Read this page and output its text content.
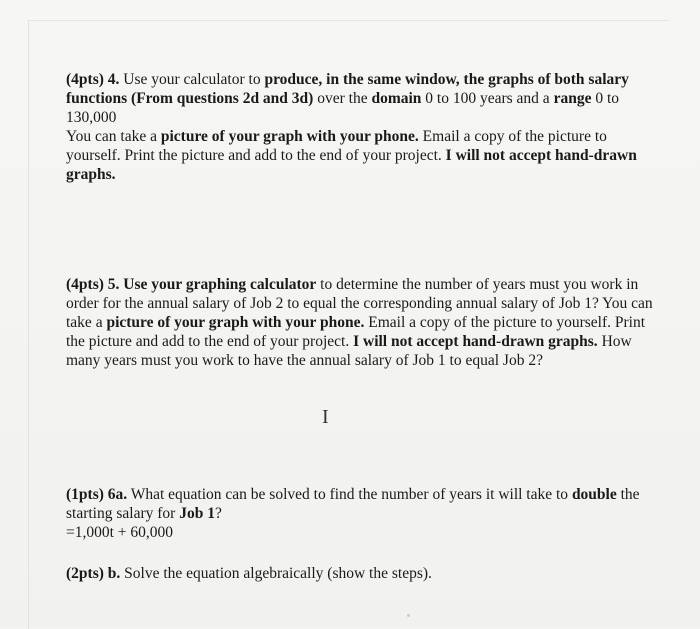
(4pts) 4. Use your calculator to produce, in the same window, the graphs of both salary functions (From questions 2d and 3d) over the domain 0 to 100 years and a range 0 to 130,000

You can take a picture of your graph with your phone. Email a copy of the picture to yourself. Print the picture and add to the end of your project. I will not accept hand-drawn graphs.

(4pts) 5. Use your graphing calculator to determine the number of years must you work in order for the annual salary of Job 2 to equal the corresponding annual salary of Job 1? You can take a picture of your graph with your phone. Email a copy of the picture to yourself. Print the picture and add to the end of your project. I will not accept hand-drawn graphs. How many years must you work to have the annual salary of Job 1 to equal Job 2?

I

(1pts) 6a. What equation can be solved to find the number of years it will take to double the starting salary for Job 1?

=1,000t + 60,000

(2pts) b. Solve the equation algebraically (show the steps).
